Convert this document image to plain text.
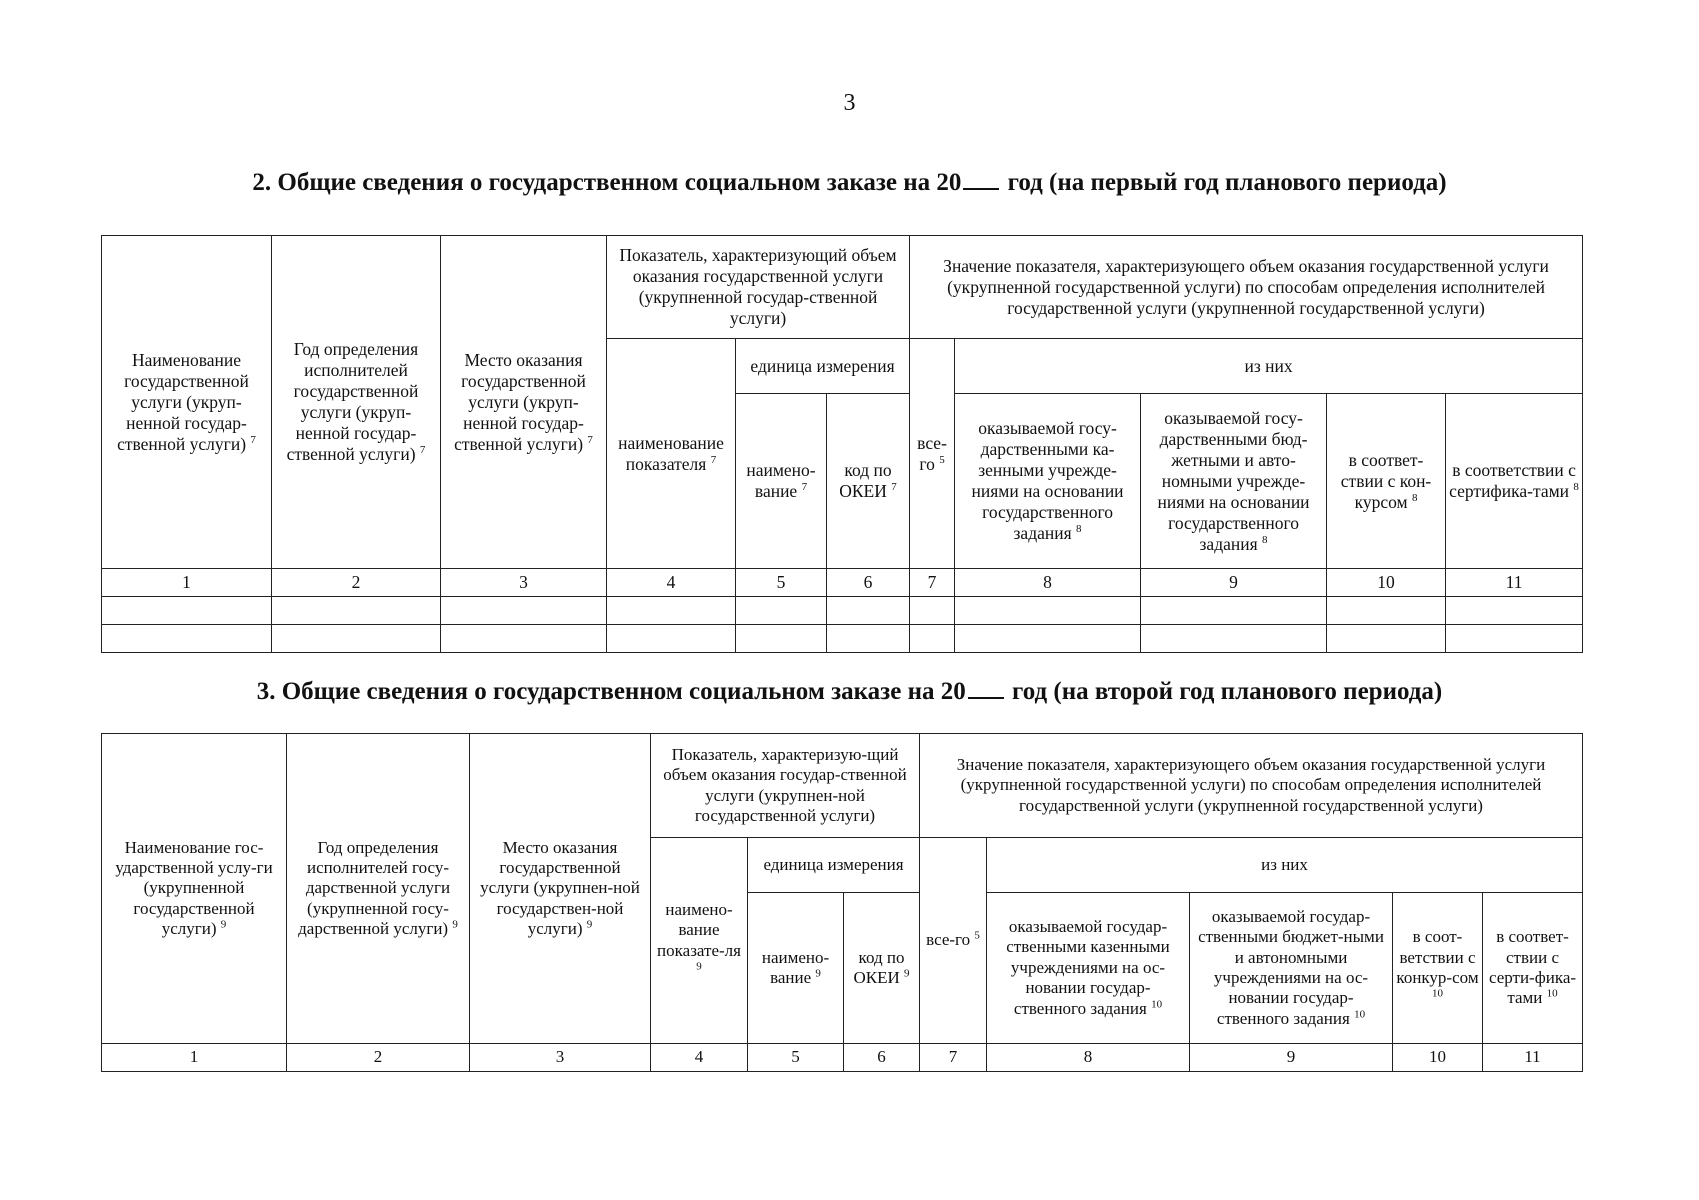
3
2. Общие сведения о государственном социальном заказе на 20 год (на первый год планового периода)
Наименование государственной услуги (укруп-ненной государ-ственной услуги) $^7$	Год определения исполнителей государственной услуги (укруп-ненной государ-ственной услуги) $^7$	Место оказания государственной услуги (укруп-ненной государ-ственной услуги) $^7$	Показатель, характеризующий объем оказания государственной услуги (укрупненной государ-ственной услуги)			Значение показателя, характеризующего объем оказания государственной услуги (укрупненной государственной услуги) по способам определения исполнителей государственной услуги (укрупненной государственной услуги)				
			наименование показателя $^7$	единица измерения		все-го $^5$	из них			
				наимено-вание $^7$	код по ОКЕИ $^7$		оказываемой госу-дарственными ка-зенными учрежде-ниями на основании государственного задания $^8$	оказываемой госу-дарственными бюд-жетными и авто-номными учрежде-ниями на основании государственного задания $^8$	в соответ-ствии с кон-курсом $^8$	в соответствии с сертифика-тами $^8$
1	2	3	4	5	6	7	8	9	10	11

3. Общие сведения о государственном социальном заказе на 20 год (на второй год планового периода)
Наименование гос-ударственной услу-ги (укрупненной государственной услуги) $^9$	Год определения исполнителей госу-дарственной услуги (укрупненной госу-дарственной услуги) $^9$	Место оказания государственной услуги (укрупнен-ной государствен-ной услуги) $^9$	Показатель, характеризую-щий объем оказания государ-ственной услуги (укрупнен-ной государственной услуги)			Значение показателя, характеризующего объем оказания государственной услуги (укрупненной государственной услуги) по способам определения исполнителей государственной услуги (укрупненной государственной услуги)				
			наимено-вание показате-ля $^9$	единица измерения		все-го $^5$	из них			
				наимено-вание $^9$	код по ОКЕИ $^9$		оказываемой государ-ственными казенными учреждениями на ос-новании государ-ственного задания $^{10}$	оказываемой государ-ственными бюджет-ными и автономными учреждениями на ос-новании государ-ственного задания $^{10}$	в соот-ветствии с конкур-сом $^{10}$	в соответ-ствии с серти-фика-тами $^{10}$
1	2	3	4	5	6	7	8	9	10	11
